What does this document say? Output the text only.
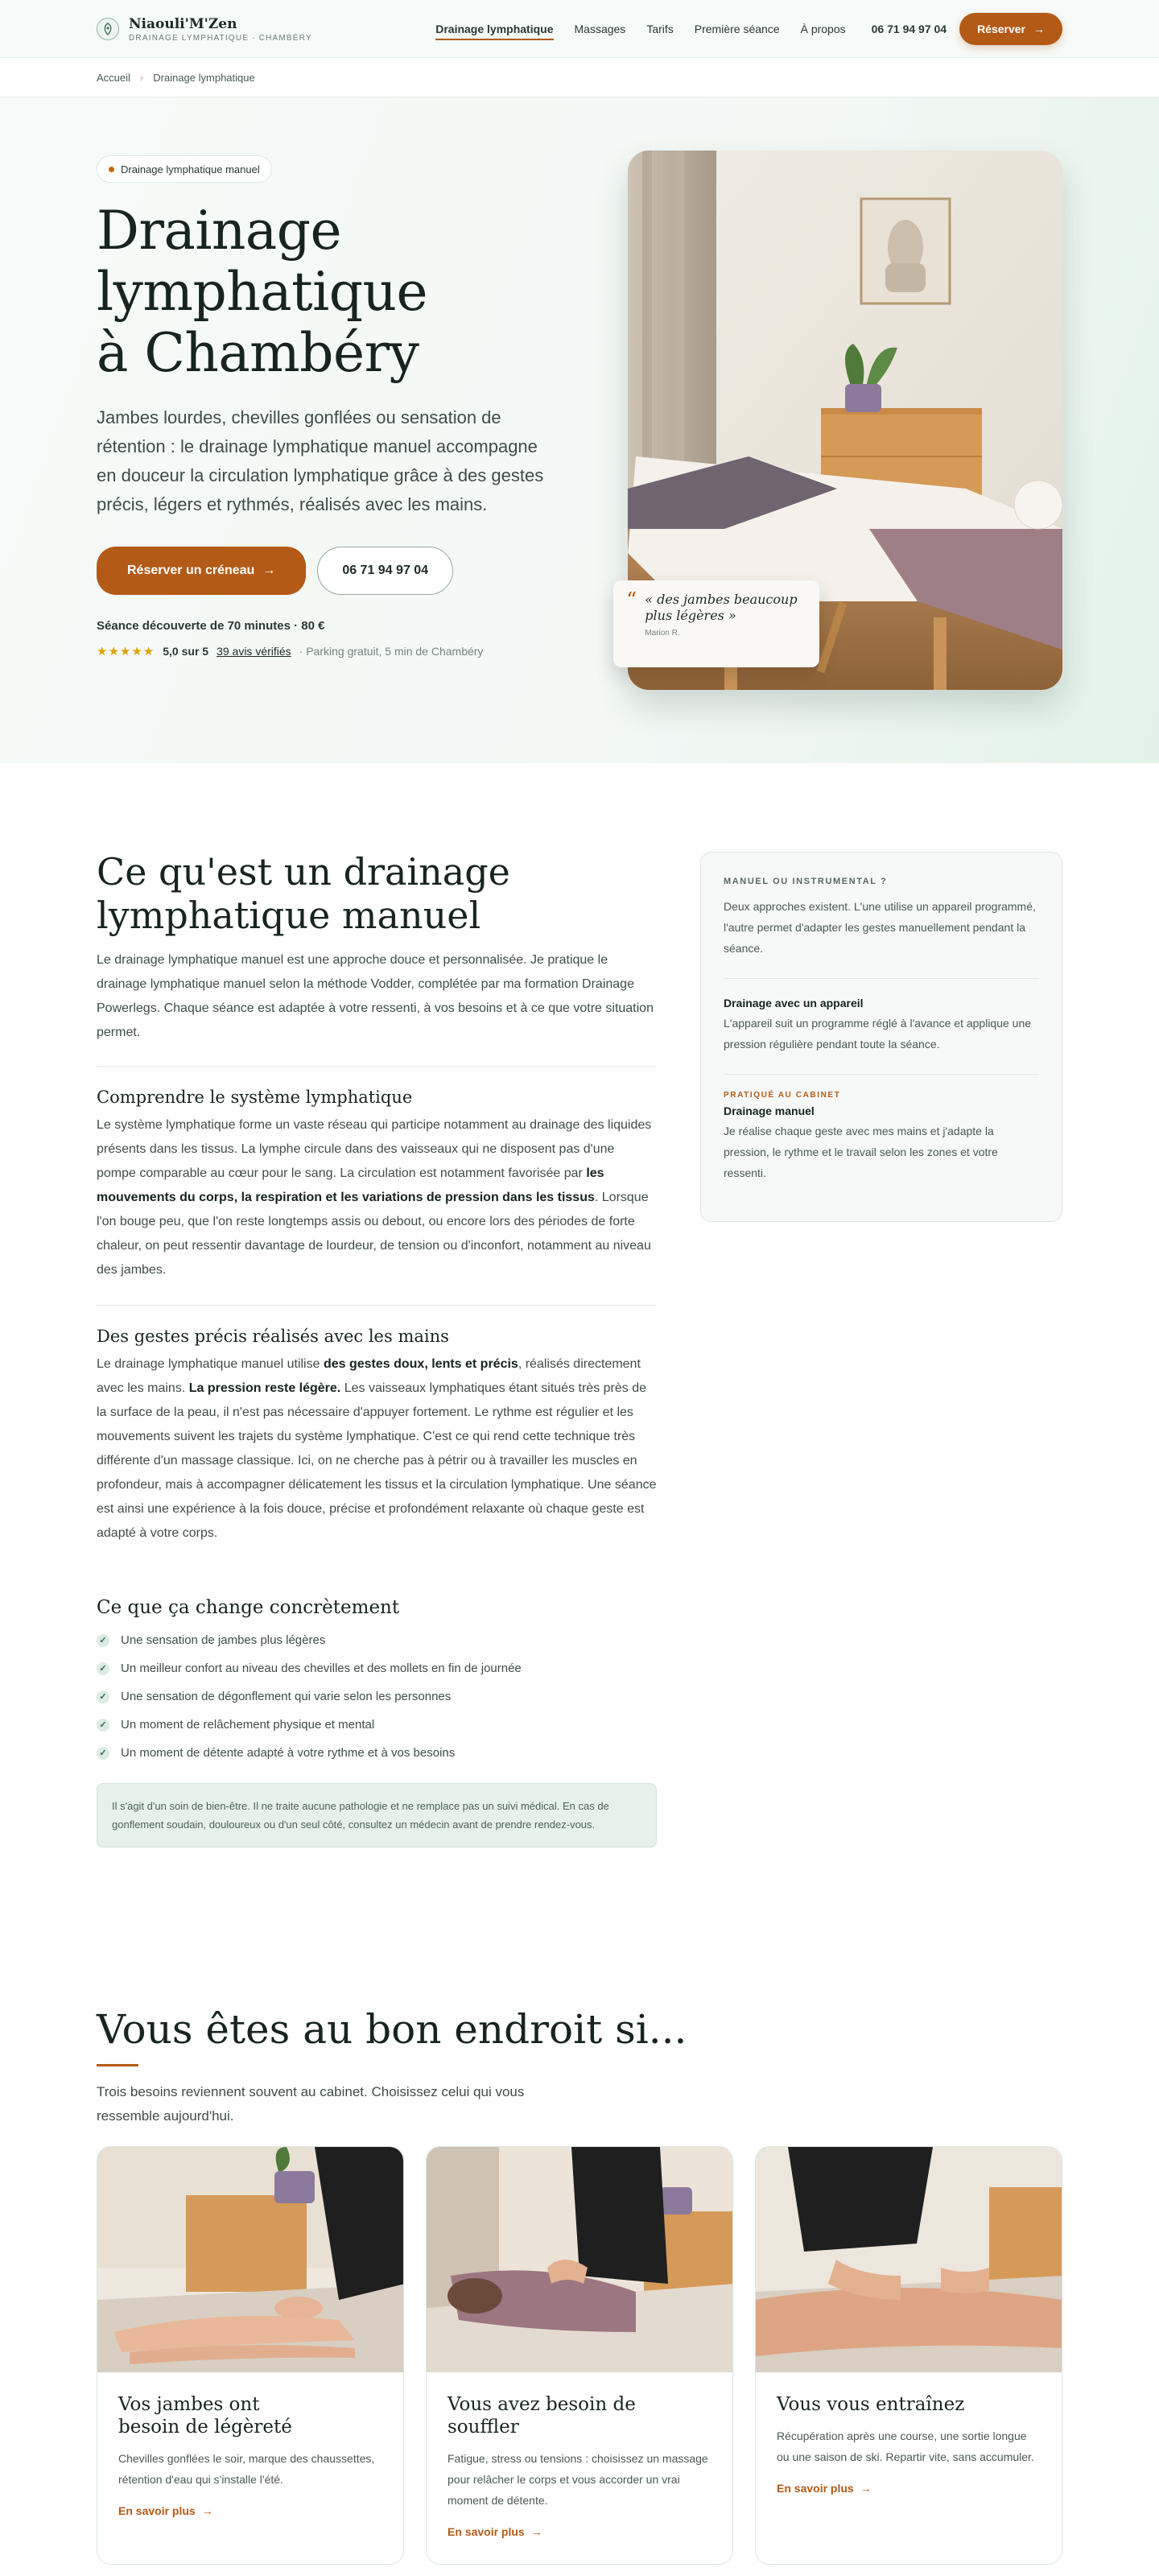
Niaouli'M'Zen
DRAINAGE LYMPHATIQUE · CHAMBÉRY
Drainage lymphatique Massages Tarifs Première séance À propos 06 71 94 97 04	Réserver →
Accueil › Drainage lymphatique
Drainage lymphatique manuel
Drainage
lymphatique
à Chambéry

Jambes lourdes, chevilles gonflées ou sensation de rétention : le drainage lymphatique manuel accompagne en douceur la circulation lymphatique grâce à des gestes précis, légers et rythmés, réalisés avec les mains.

Réserver un créneau →	06 71 94 97 04
Séance découverte de 70 minutes · 80 €
★★★★★ 5,0 sur 5 39 avis vérifiés · Parking gratuit, 5 min de Chambéry
“ « des jambes beaucoup plus légères »
Marion R.
Ce qu'est un drainage lymphatique manuel

Le drainage lymphatique manuel est une approche douce et personnalisée. Je pratique le drainage lymphatique manuel selon la méthode Vodder, complétée par ma formation Drainage Powerlegs. Chaque séance est adaptée à votre ressenti, à vos besoins et à ce que votre situation permet.

Comprendre le système lymphatique

Le système lymphatique forme un vaste réseau qui participe notamment au drainage des liquides présents dans les tissus. La lymphe circule dans des vaisseaux qui ne disposent pas d'une pompe comparable au cœur pour le sang. La circulation est notamment favorisée par les mouvements du corps, la respiration et les variations de pression dans les tissus. Lorsque l'on bouge peu, que l'on reste longtemps assis ou debout, ou encore lors des périodes de forte chaleur, on peut ressentir davantage de lourdeur, de tension ou d'inconfort, notamment au niveau des jambes.

Des gestes précis réalisés avec les mains

Le drainage lymphatique manuel utilise des gestes doux, lents et précis, réalisés directement avec les mains. La pression reste légère. Les vaisseaux lymphatiques étant situés très près de la surface de la peau, il n'est pas nécessaire d'appuyer fortement. Le rythme est régulier et les mouvements suivent les trajets du système lymphatique. C'est ce qui rend cette technique très différente d'un massage classique. Ici, on ne cherche pas à pétrir ou à travailler les muscles en profondeur, mais à accompagner délicatement les tissus et la circulation lymphatique. Une séance est ainsi une expérience à la fois douce, précise et profondément relaxante où chaque geste est adapté à votre corps.

Ce que ça change concrètement
✓ Une sensation de jambes plus légères
✓ Un meilleur confort au niveau des chevilles et des mollets en fin de journée
✓ Une sensation de dégonflement qui varie selon les personnes
✓ Un moment de relâchement physique et mental
✓ Un moment de détente adapté à votre rythme et à vos besoins
Il s'agit d'un soin de bien-être. Il ne traite aucune pathologie et ne remplace pas un suivi médical. En cas de gonflement soudain, douloureux ou d'un seul côté, consultez un médecin avant de prendre rendez-vous.
MANUEL OU INSTRUMENTAL ?

Deux approches existent. L'une utilise un appareil programmé, l'autre permet d'adapter les gestes manuellement pendant la séance.

Drainage avec un appareil

L'appareil suit un programme réglé à l'avance et applique une pression régulière pendant toute la séance.

PRATIQUÉ AU CABINET
Drainage manuel

Je réalise chaque geste avec mes mains et j'adapte la pression, le rythme et le travail selon les zones et votre ressenti.

Vous êtes au bon endroit si...

Trois besoins reviennent souvent au cabinet. Choisissez celui qui vous ressemble aujourd'hui.

Vos jambes ont
besoin de légèreté

Chevilles gonflées le soir, marque des chaussettes, rétention d'eau qui s'installe l'été.

En savoir plus →
Vous avez besoin de souffler

Fatigue, stress ou tensions : choisissez un massage pour relâcher le corps et vous accorder un vrai moment de détente.

En savoir plus →
Vous vous entraînez

Récupération après une course, une sortie longue ou une saison de ski. Repartir vite, sans accumuler.

En savoir plus →
